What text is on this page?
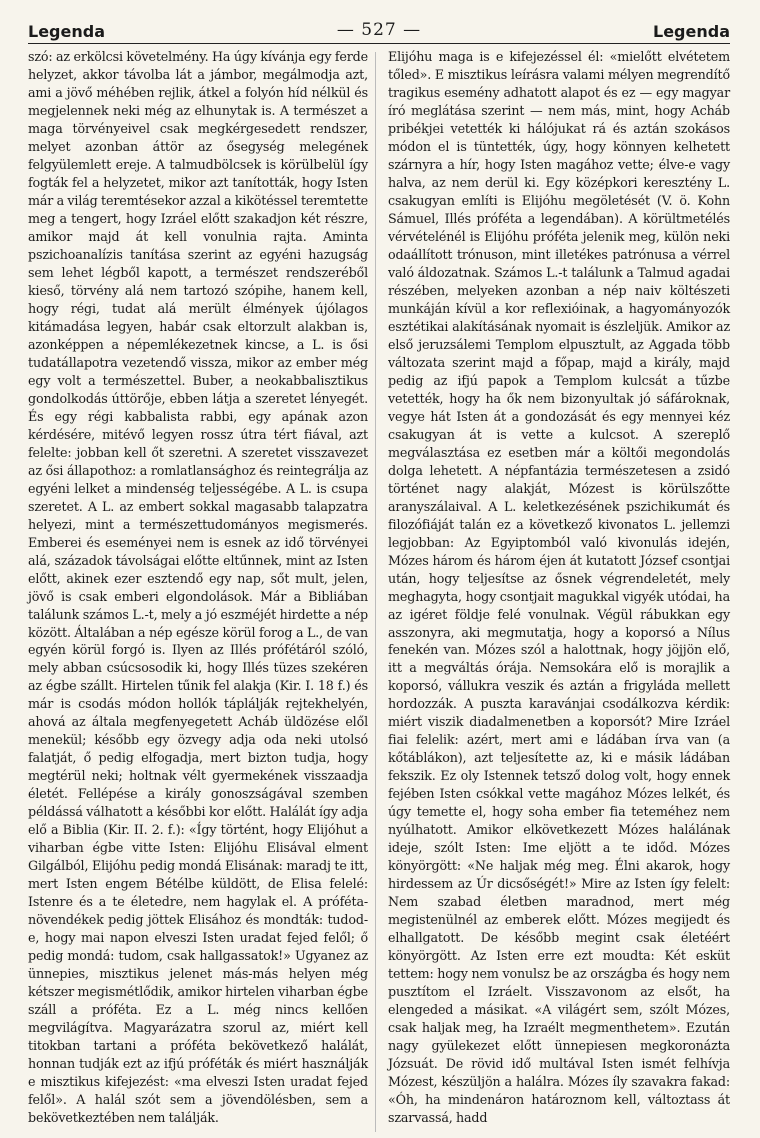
Legenda	— 527 —	Legenda

szó: az erkölcsi követelmény. Ha úgy kívánja egy ferde helyzet, akkor távolba lát a jámbor, megálmodja azt, ami a jövő méhében rejlik, átkel a folyón híd nélkül és megjelennek neki még az elhunytak is. A természet a maga törvényeivel csak megkérgesedett rendszer, melyet azonban áttör az ősegység melegének felgyülemlett ereje. A talmudbölcsek is körülbelül így fogták fel a helyzetet, mikor azt tanították, hogy Isten már a világ teremtésekor azzal a kikötéssel teremtette meg a tengert, hogy Izráel előtt szakadjon két részre, amikor majd át kell vonulnia rajta. Aminta pszichoanalízis tanítása szerint az egyéni hazugság sem lehet légből kapott, a természet rendszeréből kieső, törvény alá nem tartozó szópihe, hanem kell, hogy régi, tudat alá merült élmények újólagos kitámadása legyen, habár csak eltorzult alakban is, azonképpen a népemlékezetnek kincse, a L. is ősi tudatállapotra vezetendő vissza, mikor az ember még egy volt a természettel. Buber, a neokabbalisztikus gondolkodás úttörője, ebben látja a szeretet lényegét. És egy régi kabbalista rabbi, egy apának azon kérdésére, mitévő legyen rossz útra tért fiával, azt felelte: jobban kell őt szeretni. A szeretet visszavezet az ősi állapothoz: a romlatlansághoz és reintegrálja az egyéni lelket a mindenség teljességébe. A L. is csupa szeretet. A L. az embert sokkal magasabb talapzatra helyezi, mint a természettudományos megismerés. Emberei és eseményei nem is esnek az idő törvényei alá, századok távolságai előtte eltűnnek, mint az Isten előtt, akinek ezer esztendő egy nap, sőt mult, jelen, jövő is csak emberi elgondolások. Már a Bibliában találunk számos L.-t, mely a jó eszméjét hirdette a nép között. Általában a nép egésze körül forog a L., de van egyén körül forgó is. Ilyen az Illés prófétáról szóló, mely abban csúcsosodik ki, hogy Illés tüzes szekéren az égbe szállt. Hirtelen tűnik fel alakja (Kir. I. 18 f.) és már is csodás módon hollók táplálják rejtekhelyén, ahová az általa megfenyegetett Acháb üldözése elől menekül; később egy özvegy adja oda neki utolsó falatját, ő pedig elfogadja, mert bizton tudja, hogy megtérül neki; holtnak vélt gyermekének visszaadja életét. Fellépése a király gonoszságával szemben példássá válhatott a későbbi kor előtt. Halálát így adja elő a Biblia (Kir. II. 2. f.): «Így történt, hogy Elijóhut a viharban égbe vitte Isten: Elijóhu Elisával elment Gilgálból, Elijóhu pedig mondá Elisának: maradj te itt, mert Isten engem Bétélbe küldött, de Elisa felelé: Istenre és a te életedre, nem hagylak el. A próféta-növendékek pedig jöttek Elisához és mondták: tudod-e, hogy mai napon elveszi Isten uradat fejed felől; ő pedig mondá: tudom, csak hallgassatok!» Ugyanez az ünnepies, misztikus jelenet más-más helyen még kétszer megismétlődik, amikor hirtelen viharban égbe száll a próféta. Ez a L. még nincs kellően megvilágítva. Magyarázatra szorul az, miért kell titokban tartani a próféta bekövetkező halálát, honnan tudják ezt az ifjú próféták és miért használják e misztikus kifejezést: «ma elveszi Isten uradat fejed felől». A halál szót sem a jövendölésben, sem a bekövetkeztében nem találják.

Elijóhu maga is e kifejezéssel él: «mielőtt elvétetem tőled». E misztikus leírásra valami mélyen megrendítő tragikus esemény adhatott alapot és ez — egy magyar író meglátása szerint — nem más, mint, hogy Acháb pribékjei vetették ki hálójukat rá és aztán szokásos módon el is tüntették, úgy, hogy könnyen kelhetett szárnyra a hír, hogy Isten magához vette; élve-e vagy halva, az nem derül ki. Egy középkori keresztény L. csakugyan említi is Elijóhu megöletését (V. ö. Kohn Sámuel, Illés próféta a legendában). A körültmetélés vérvételénél is Elijóhu próféta jelenik meg, külön neki odaállított trónuson, mint illetékes patrónusa a vérrel való áldozatnak. Számos L.-t találunk a Talmud agadai részében, melyeken azonban a nép naiv költészeti munkáján kívül a kor reflexióinak, a hagyományozók esztétikai alakításának nyomait is észleljük. Amikor az első jeruzsálemi Templom elpusztult, az Aggada több változata szerint majd a főpap, majd a király, majd pedig az ifjú papok a Templom kulcsát a tűzbe vetették, hogy ha ők nem bizonyultak jó sáfároknak, vegye hát Isten át a gondozását és egy mennyei kéz csakugyan át is vette a kulcsot. A szereplő megválasztása ez esetben már a költői megondolás dolga lehetett. A népfantázia természetesen a zsidó történet nagy alakját, Mózest is körülszőtte aranyszálaival. A L. keletkezésének pszichikumát és filozófiáját talán ez a következő kivonatos L. jellemzi legjobban: Az Egyiptomból való kivonulás idején, Mózes három és három éjen át kutatott József csontjai után, hogy teljesítse az ősnek végrendeletét, mely meghagyta, hogy csontjait magukkal vigyék utódai, ha az igéret földje felé vonulnak. Végül rábukkan egy asszonyra, aki megmutatja, hogy a koporsó a Nílus fenekén van. Mózes szól a halottnak, hogy jöjjön elő, itt a megváltás órája. Nemsokára elő is morajlik a koporsó, vállukra veszik és aztán a frigyláda mellett hordozzák. A puszta karavánjai csodálkozva kérdik: miért viszik diadalmenetben a koporsót? Mire Izráel fiai felelik: azért, mert ami e ládában írva van (a kőtáblákon), azt teljesítette az, ki e másik ládában fekszik. Ez oly Istennek tetsző dolog volt, hogy ennek fejében Isten csókkal vette magához Mózes lelkét, és úgy temette el, hogy soha ember fia teteméhez nem nyúlhatott. Amikor elkövetkezett Mózes halálának ideje, szólt Isten: Ime eljött a te időd. Mózes könyörgött: «Ne haljak még meg. Élni akarok, hogy hirdessem az Úr dicsőségét!» Mire az Isten így felelt: Nem szabad életben maradnod, mert még megistenülnél az emberek előtt. Mózes megijedt és elhallgatott. De később megint csak életéért könyörgött. Az Isten erre ezt moudta: Két esküt tettem: hogy nem vonulsz be az országba és hogy nem pusztítom el Izráelt. Visszavonom az elsőt, ha elengeded a másikat. «A világért sem, szólt Mózes, csak haljak meg, ha Izraélt megmenthetem». Ezután nagy gyülekezet előtt ünnepiesen megkoronázta Józsuát. De rövid idő multával Isten ismét felhívja Mózest, készüljön a halálra. Mózes íly szavakra fakad: «Óh, ha mindenáron határoznom kell, változtass át szarvassá, hadd
